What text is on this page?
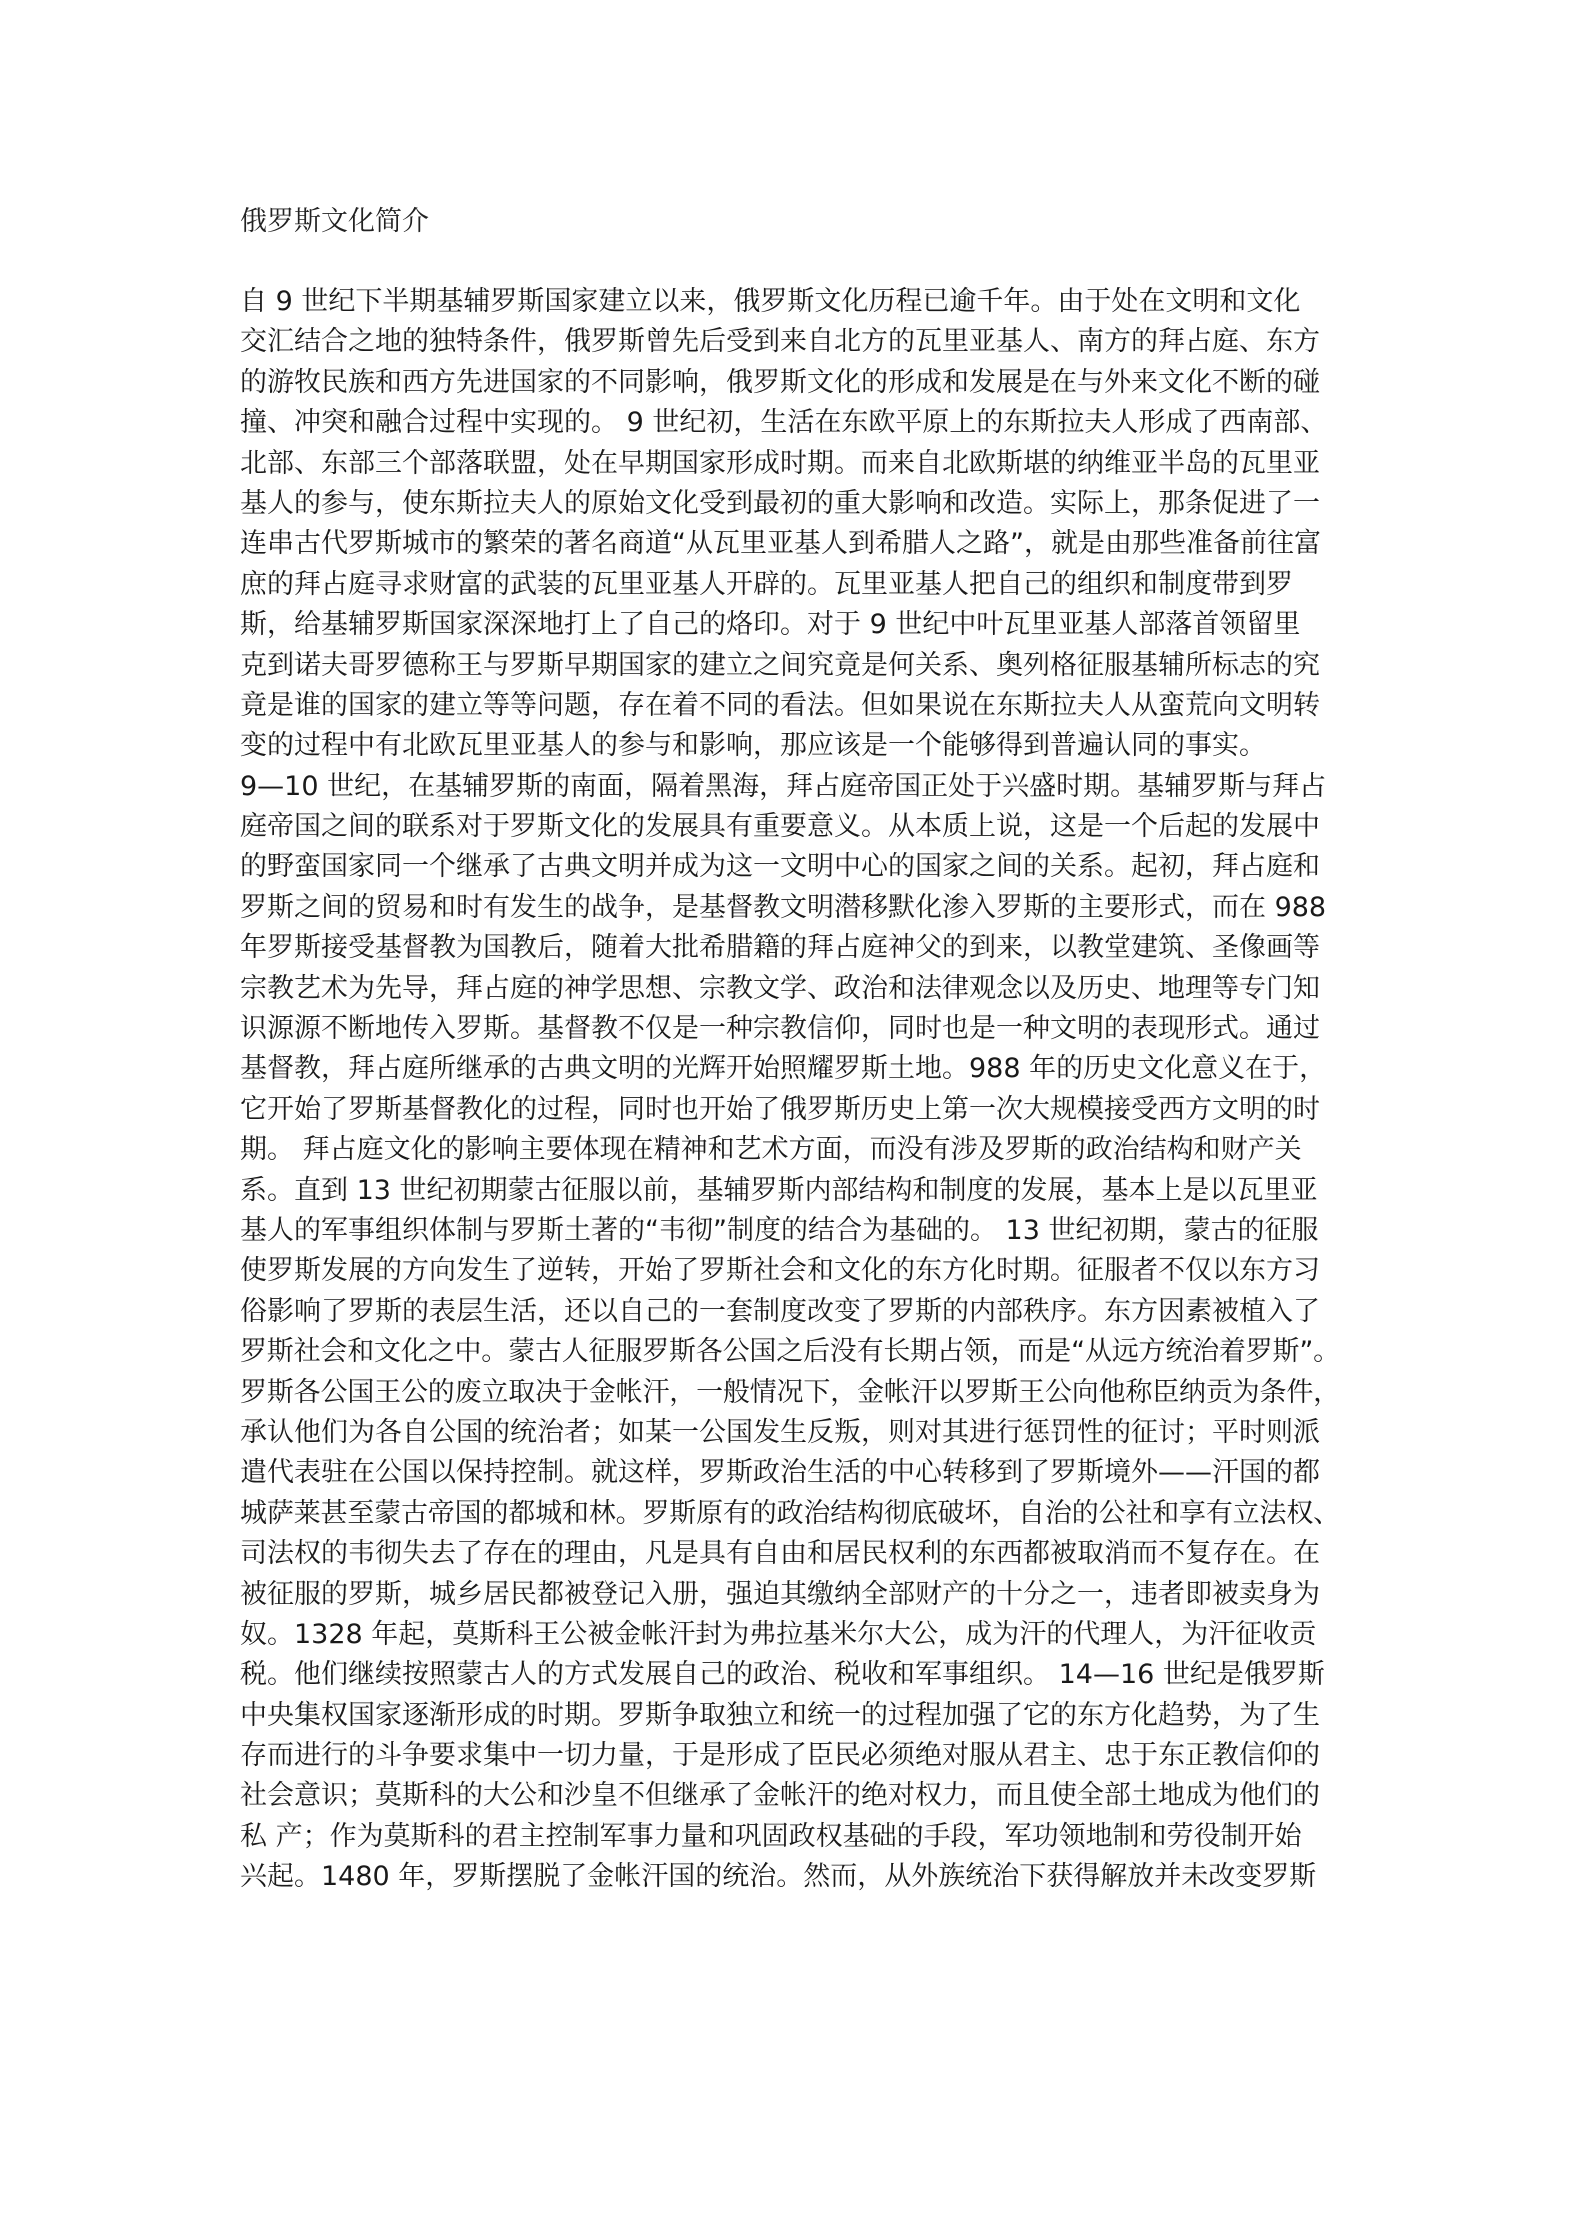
俄罗斯文化简介
自 9 世纪下半期基辅罗斯国家建立以来，俄罗斯文化历程已逾千年。由于处在文明和文化
交汇结合之地的独特条件，俄罗斯曾先后受到来自北方的瓦里亚基人、南方的拜占庭、东方
的游牧民族和西方先进国家的不同影响，俄罗斯文化的形成和发展是在与外来文化不断的碰
撞、冲突和融合过程中实现的。 9 世纪初，生活在东欧平原上的东斯拉夫人形成了西南部、
北部、东部三个部落联盟，处在早期国家形成时期。而来自北欧斯堪的纳维亚半岛的瓦里亚
基人的参与，使东斯拉夫人的原始文化受到最初的重大影响和改造。实际上，那条促进了一
连串古代罗斯城市的繁荣的著名商道“从瓦里亚基人到希腊人之路”，就是由那些准备前往富
庶的拜占庭寻求财富的武装的瓦里亚基人开辟的。瓦里亚基人把自己的组织和制度带到罗
斯，给基辅罗斯国家深深地打上了自己的烙印。对于 9 世纪中叶瓦里亚基人部落首领留里
克到诺夫哥罗德称王与罗斯早期国家的建立之间究竟是何关系、奥列格征服基辅所标志的究
竟是谁的国家的建立等等问题，存在着不同的看法。但如果说在东斯拉夫人从蛮荒向文明转
变的过程中有北欧瓦里亚基人的参与和影响，那应该是一个能够得到普遍认同的事实。
9—10 世纪，在基辅罗斯的南面，隔着黑海，拜占庭帝国正处于兴盛时期。基辅罗斯与拜占
庭帝国之间的联系对于罗斯文化的发展具有重要意义。从本质上说，这是一个后起的发展中
的野蛮国家同一个继承了古典文明并成为这一文明中心的国家之间的关系。起初，拜占庭和
罗斯之间的贸易和时有发生的战争，是基督教文明潜移默化渗入罗斯的主要形式，而在 988
年罗斯接受基督教为国教后，随着大批希腊籍的拜占庭神父的到来，以教堂建筑、圣像画等
宗教艺术为先导，拜占庭的神学思想、宗教文学、政治和法律观念以及历史、地理等专门知
识源源不断地传入罗斯。基督教不仅是一种宗教信仰，同时也是一种文明的表现形式。通过
基督教，拜占庭所继承的古典文明的光辉开始照耀罗斯土地。988 年的历史文化意义在于，
它开始了罗斯基督教化的过程，同时也开始了俄罗斯历史上第一次大规模接受西方文明的时
期。 拜占庭文化的影响主要体现在精神和艺术方面，而没有涉及罗斯的政治结构和财产关
系。直到 13 世纪初期蒙古征服以前，基辅罗斯内部结构和制度的发展，基本上是以瓦里亚
基人的军事组织体制与罗斯土著的“韦彻”制度的结合为基础的。 13 世纪初期，蒙古的征服
使罗斯发展的方向发生了逆转，开始了罗斯社会和文化的东方化时期。征服者不仅以东方习
俗影响了罗斯的表层生活，还以自己的一套制度改变了罗斯的内部秩序。东方因素被植入了
罗斯社会和文化之中。蒙古人征服罗斯各公国之后没有长期占领，而是“从远方统治着罗斯”。
罗斯各公国王公的废立取决于金帐汗，一般情况下，金帐汗以罗斯王公向他称臣纳贡为条件，
承认他们为各自公国的统治者；如某一公国发生反叛，则对其进行惩罚性的征讨；平时则派
遣代表驻在公国以保持控制。就这样，罗斯政治生活的中心转移到了罗斯境外——汗国的都
城萨莱甚至蒙古帝国的都城和林。罗斯原有的政治结构彻底破坏，自治的公社和享有立法权、
司法权的韦彻失去了存在的理由，凡是具有自由和居民权利的东西都被取消而不复存在。在
被征服的罗斯，城乡居民都被登记入册，强迫其缴纳全部财产的十分之一，违者即被卖身为
奴。1328 年起，莫斯科王公被金帐汗封为弗拉基米尔大公，成为汗的代理人，为汗征收贡
税。他们继续按照蒙古人的方式发展自己的政治、税收和军事组织。 14—16 世纪是俄罗斯
中央集权国家逐渐形成的时期。罗斯争取独立和统一的过程加强了它的东方化趋势，为了生
存而进行的斗争要求集中一切力量，于是形成了臣民必须绝对服从君主、忠于东正教信仰的
社会意识；莫斯科的大公和沙皇不但继承了金帐汗的绝对权力，而且使全部土地成为他们的
私 产；作为莫斯科的君主控制军事力量和巩固政权基础的手段，军功领地制和劳役制开始
兴起。1480 年，罗斯摆脱了金帐汗国的统治。然而，从外族统治下获得解放并未改变罗斯
